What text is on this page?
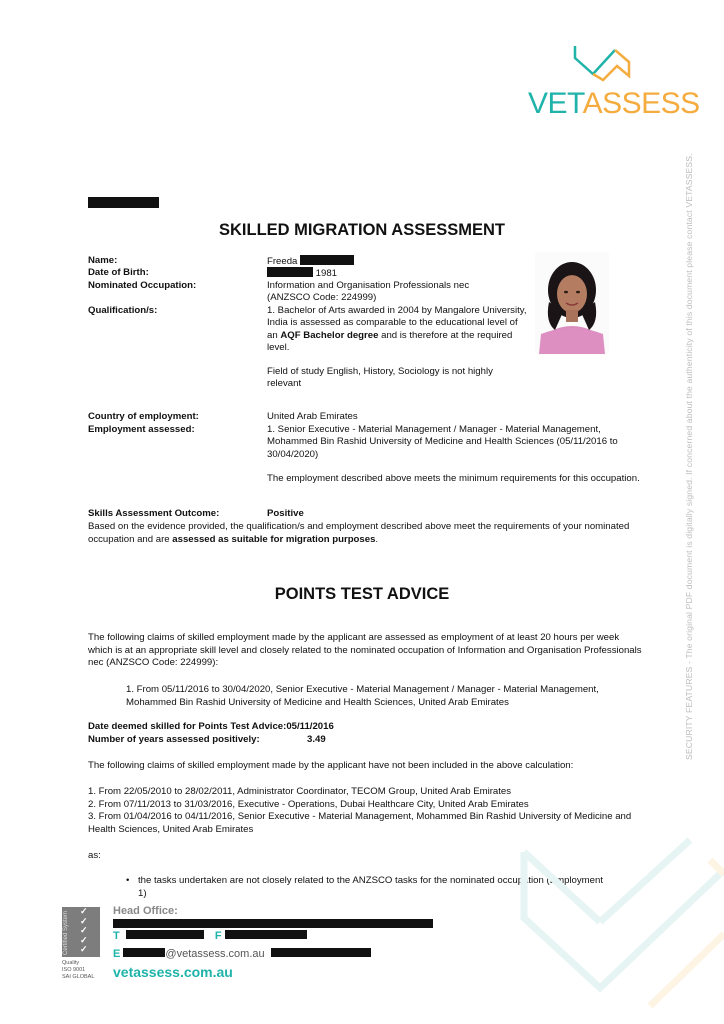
VETASSESS
SKILLED MIGRATION ASSESSMENT
Name:	Freeda
Date of Birth:	1981
Nominated Occupation:	Information and Organisation Professionals nec
(ANZSCO Code: 224999)
Qualification/s:	1. Bachelor of Arts awarded in 2004 by Mangalore University, India is assessed as comparable to the educational level of an AQF Bachelor degree and is therefore at the required level.

Field of study English, History, Sociology is not highly relevant

Country of employment:	United Arab Emirates
Employment assessed:	1. Senior Executive - Material Management / Manager - Material Management, Mohammed Bin Rashid University of Medicine and Health Sciences (05/11/2016 to 30/04/2020)

The employment described above meets the minimum requirements for this occupation.

Skills Assessment Outcome:	Positive
Based on the evidence provided, the qualification/s and employment described above meet the requirements of your nominated occupation and are assessed as suitable for migration purposes.
POINTS TEST ADVICE

The following claims of skilled employment made by the applicant are assessed as employment of at least 20 hours per week which is at an appropriate skill level and closely related to the nominated occupation of Information and Organisation Professionals nec (ANZSCO Code: 224999):

1. From 05/11/2016 to 30/04/2020, Senior Executive - Material Management / Manager - Material Management, Mohammed Bin Rashid University of Medicine and Health Sciences, United Arab Emirates

Date deemed skilled for Points Test Advice:05/11/2016
Number of years assessed positively:	3.49

The following claims of skilled employment made by the applicant have not been included in the above calculation:

1. From 22/05/2010 to 28/02/2011, Administrator Coordinator, TECOM Group, United Arab Emirates

2. From 07/11/2013 to 31/03/2016, Executive - Operations, Dubai Healthcare City, United Arab Emirates

3. From 01/04/2016 to 04/11/2016, Senior Executive - Material Management, Mohammed Bin Rashid University of Medicine and Health Sciences, United Arab Emirates

as:

• the tasks undertaken are not closely related to the ANZSCO tasks for the nominated occupation (Employment 1)

SECURITY FEATURES - The original PDF document is digitally signed. If concerned about the authenticity of this document please contact VETASSESS.
Certified System ✓
✓
✓
✓
✓
Quality
ISO 9001
SAI GLOBAL
Head Office:
T	F
E	@vetassess.com.au
vetassess.com.au
